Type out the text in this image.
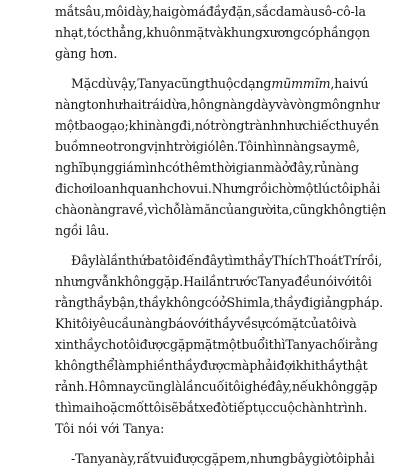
mắt sâu, môi dày, hai gò má đầy đặn, sắc da màu sô-cô-la
nhạt, tóc thẳng, khuôn mặt và khung xương có phần gọn
gàng hơn.
Mặc dù vậy, Tanya cũng thuộc dạng mũm mĩm, hai vú
nàng to như hai trái dừa, hông nàng dày và vòng mông như
một bao gạo; khi nàng đi, nó tròng trành như chiếc thuyền
buồm neo trong vịnh trời gió lên. Tôi nhìn nàng say mê,
nghĩ bụng giá mình có thêm thời gian mà ở đây, rủ nàng
đi chơi loanh quanh cho vui. Nhưng rồi chờ một lúc tôi phải
chào nàng ra về, vì chỗ làm ăn của người ta, cũng không tiện
ngồi lâu.
Đây là lần thứ ba tôi đến đây tìm thầy Thích Thoát Trí rồi,
nhưng vẫn không gặp. Hai lần trước Tanya đều nói với tôi
rằng thầy bận, thầy không có ở Shimla, thầy đi giảng pháp.
Khi tôi yêu cầu nàng báo với thầy về sự có mặt của tôi và
xin thầy cho tôi được gặp mặt một buổi thì Tanya chối rằng
không thể làm phiền thầy được mà phải đợi khi thầy thật
rảnh. Hôm nay cũng là lần cuối tôi ghé đây, nếu không gặp
thì mai hoặc mốt tôi sẽ bắt xe đò tiếp tục cuộc hành trình.
Tôi nói với Tanya:
- Tanya này, rất vui được gặp em, nhưng bây giờ tôi phải
